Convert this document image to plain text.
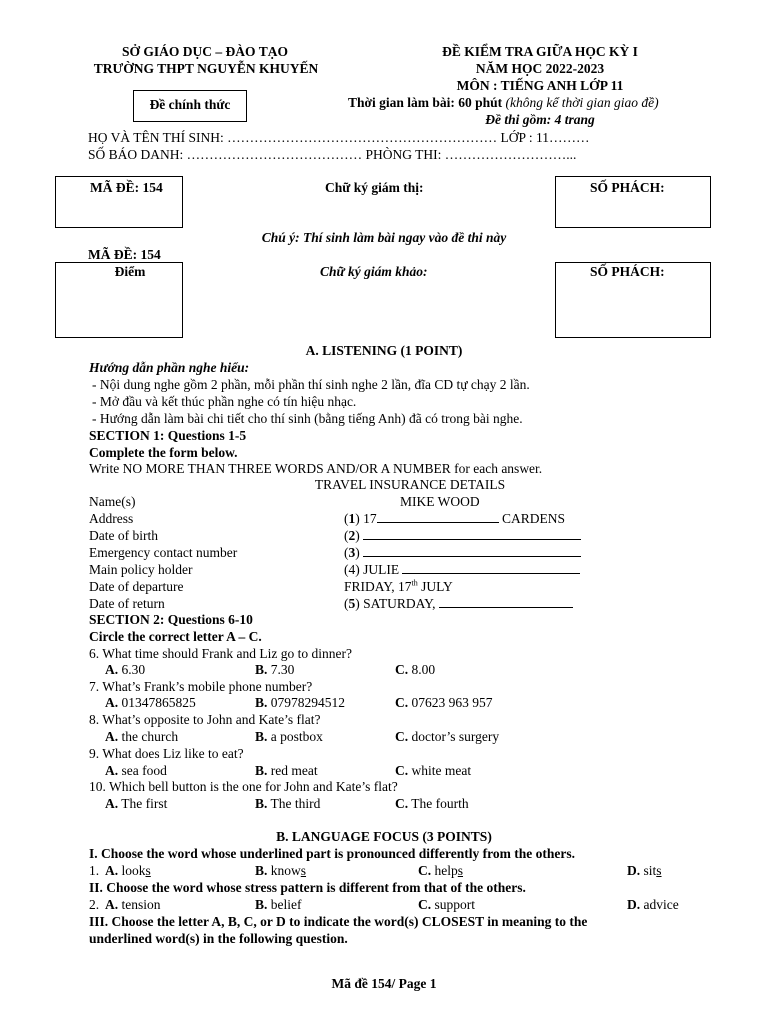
SỞ GIÁO DỤC – ĐÀO TẠO
TRƯỜNG THPT NGUYỄN KHUYẾN
Đề chính thức
ĐỀ KIỂM TRA GIỮA HỌC KỲ I
NĂM HỌC 2022-2023
MÔN : TIẾNG ANH LỚP 11
Thời gian làm bài: 60 phút (không kể thời gian giao đề)
Đề thi gồm: 4 trang
HỌ VÀ TÊN THÍ SINH: …………………………………………………… LỚP : 11………
SỐ BÁO DANH: ………………………………… PHÒNG THI: ………………………...
MÃ ĐỀ: 154	Chữ ký giám thị:	SỐ PHÁCH:
Chú ý: Thí sinh làm bài ngay vào đề thi này
MÃ ĐỀ: 154
Điểm	Chữ ký giám khảo:	SỐ PHÁCH:
A. LISTENING (1 POINT)
Hướng dẫn phần nghe hiểu:
- Nội dung nghe gồm 2 phần, mỗi phần thí sinh nghe 2 lần, đĩa CD tự chạy 2 lần.
- Mở đầu và kết thúc phần nghe có tín hiệu nhạc.
- Hướng dẫn làm bài chi tiết cho thí sinh (bằng tiếng Anh) đã có trong bài nghe.
SECTION 1: Questions 1-5
Complete the form below.
Write NO MORE THAN THREE WORDS AND/OR A NUMBER for each answer.
TRAVEL INSURANCE DETAILS
Name(s)	MIKE WOOD
Address	(1) 17	CARDENS
Date of birth	(2)
Emergency contact number	(3)
Main policy holder	(4) JULIE
Date of departure	FRIDAY, 17th JULY
Date of return	(5) SATURDAY,
SECTION 2: Questions 6-10
Circle the correct letter A – C.
6. What time should Frank and Liz go to dinner?
A. 6.30	B. 7.30	C. 8.00
7. What’s Frank’s mobile phone number?
A. 01347865825	B. 07978294512	C. 07623 963 957
8. What’s opposite to John and Kate’s flat?
A. the church	B. a postbox	C. doctor’s surgery
9. What does Liz like to eat?
A. sea food	B. red meat	C. white meat
10. Which bell button is the one for John and Kate’s flat?
A. The first	B. The third	C. The fourth
B. LANGUAGE FOCUS (3 POINTS)
I. Choose the word whose underlined part is pronounced differently from the others.
1. A. looks	B. knows	C. helps	D. sits
II. Choose the word whose stress pattern is different from that of the others.
2. A. tension	B. belief	C. support	D. advice
III. Choose the letter A, B, C, or D to indicate the word(s) CLOSEST in meaning to the
underlined word(s) in the following question.
Mã đề 154/ Page 1
